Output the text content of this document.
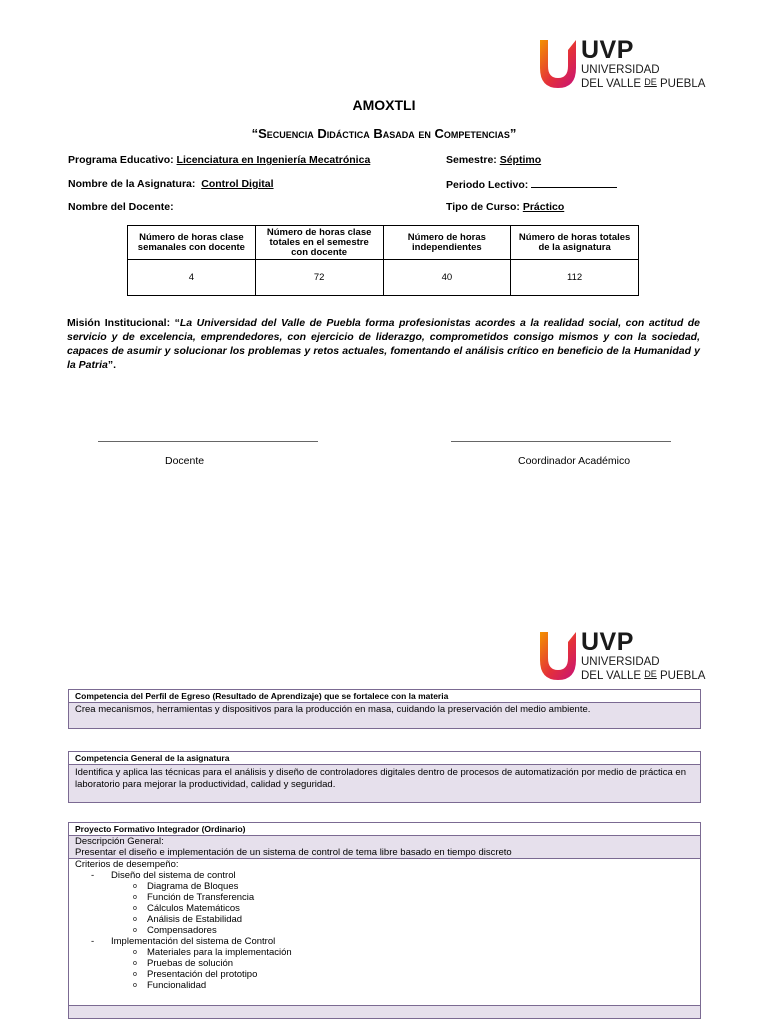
UVP
UNIVERSIDAD
DEL VALLE DE PUEBLA
AMOXTLI
“Secuencia Didáctica Basada en Competencias”
Programa Educativo: Licenciatura en Ingeniería Mecatrónica	Semestre: Séptimo
Nombre de la Asignatura: Control Digital	Periodo Lectivo:
Nombre del Docente:	Tipo de Curso: Práctico
Número de horas clase semanales con docente	Número de horas clase totales en el semestre con docente	Número de horas independientes	Número de horas totales de la asignatura
4	72	40	112
Misión Institucional: “La Universidad del Valle de Puebla forma profesionistas acordes a la realidad social, con actitud de servicio y de excelencia, emprendedores, con ejercicio de liderazgo, comprometidos consigo mismos y con la sociedad, capaces de asumir y solucionar los problemas y retos actuales, fomentando el análisis crítico en beneficio de la Humanidad y la Patria”.
Docente	Coordinador Académico
UVP
UNIVERSIDAD
DEL VALLE DE PUEBLA
Competencia del Perfil de Egreso (Resultado de Aprendizaje) que se fortalece con la materia
Crea mecanismos, herramientas y dispositivos para la producción en masa, cuidando la preservación del medio ambiente.
Competencia General de la asignatura
Identifica y aplica las técnicas para el análisis y diseño de controladores digitales dentro de procesos de automatización por medio de práctica en laboratorio para mejorar la productividad, calidad y seguridad.
Proyecto Formativo Integrador (Ordinario)
Descripción General:
Presentar el diseño e implementación de un sistema de control de tema libre basado en tiempo discreto
Criterios de desempeño:
- Diseño del sistema de control
o Diagrama de Bloques
o Función de Transferencia
o Cálculos Matemáticos
o Análisis de Estabilidad
o Compensadores
- Implementación del sistema de Control
o Materiales para la implementación
o Pruebas de solución
o Presentación del prototipo
o Funcionalidad
